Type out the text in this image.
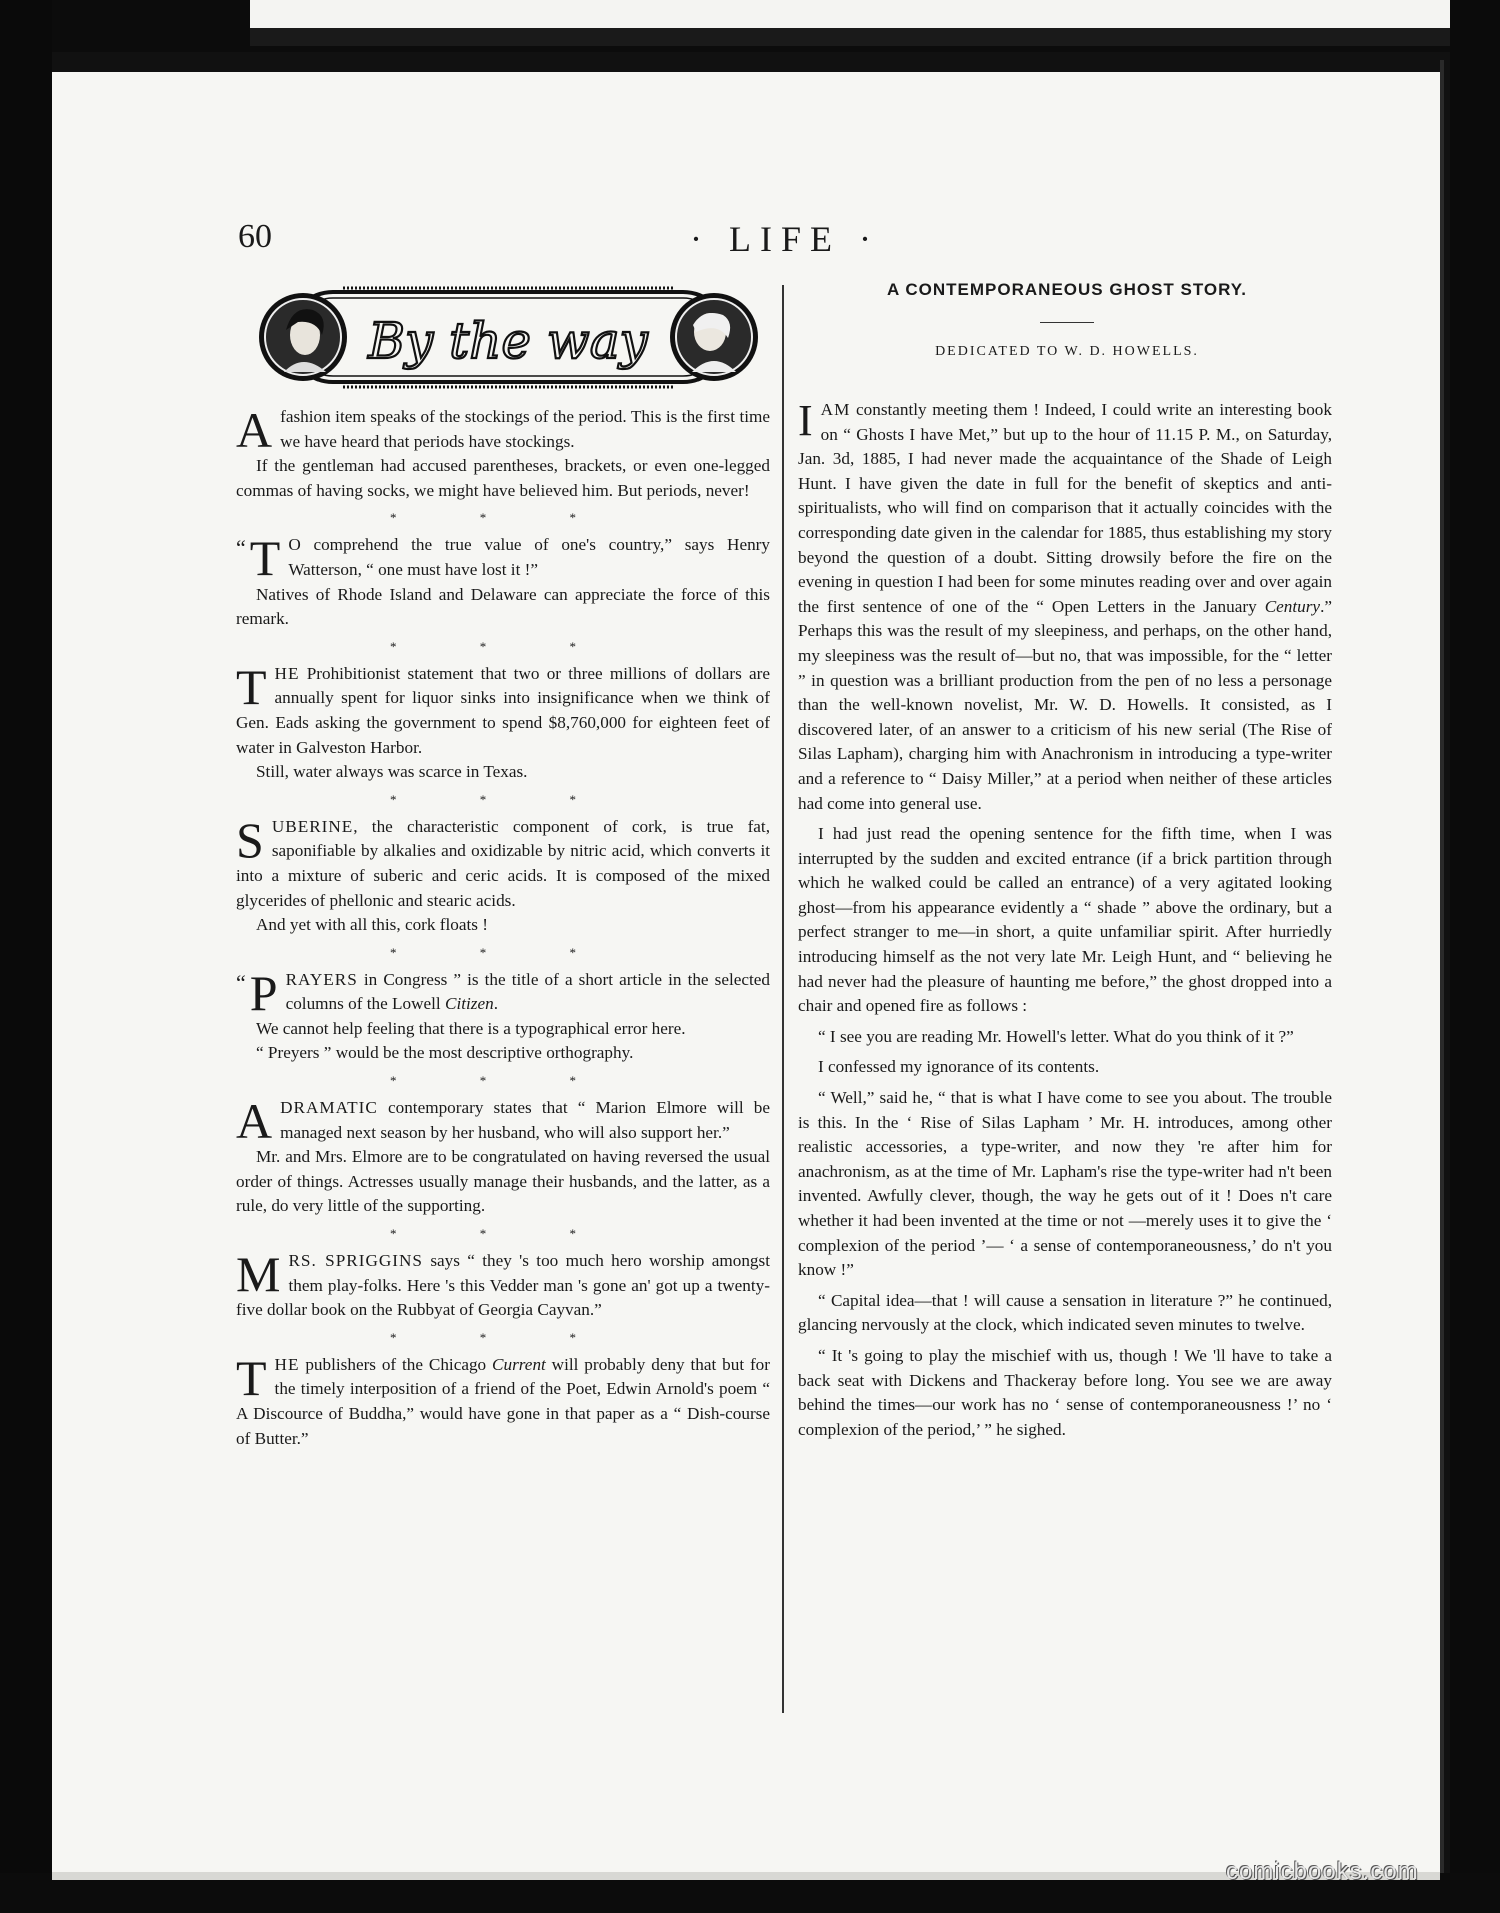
60	· LIFE ·
By the way

Afashion item speaks of the stockings of the period. This is the first time we have heard that periods have stockings.

If the gentleman had accused parentheses, brackets, or even one-legged commas of having socks, we might have believed him. But periods, never!

* * *

“ T O comprehend the true value of one's country,” says Henry Watterson, “ one must have lost it !”

Natives of Rhode Island and Delaware can appreciate the force of this remark.

* * *

THE Prohibitionist statement that two or three millions of dollars are annually spent for liquor sinks into insignificance when we think of Gen. Eads asking the government to spend $8,760,000 for eighteen feet of water in Galveston Harbor.

Still, water always was scarce in Texas.

* * *

SUBERINE, the characteristic component of cork, is true fat, saponifiable by alkalies and oxidizable by nitric acid, which converts it into a mixture of suberic and ceric acids. It is composed of the mixed glycerides of phellonic and stearic acids.

And yet with all this, cork floats !

* * *

“ P RAYERS in Congress ” is the title of a short article in the selected columns of the Lowell Citizen.

We cannot help feeling that there is a typographical error here.

“ Preyers ” would be the most descriptive orthography.

* * *

ADRAMATIC contemporary states that “ Marion Elmore will be managed next season by her husband, who will also support her.”

Mr. and Mrs. Elmore are to be congratulated on having reversed the usual order of things. Actresses usually manage their husbands, and the latter, as a rule, do very little of the supporting.

* * *

MRS. SPRIGGINS says “ they 's too much hero worship amongst them play-folks. Here 's this Vedder man 's gone an' got up a twenty-five dollar book on the Rubbyat of Georgia Cayvan.”

* * *

THE publishers of the Chicago Current will probably deny that but for the timely interposition of a friend of the Poet, Edwin Arnold's poem “ A Discource of Buddha,” would have gone in that paper as a “ Dish-course of Butter.”

A CONTEMPORANEOUS GHOST STORY.
DEDICATED TO W. D. HOWELLS.

IAM constantly meeting them ! Indeed, I could write an interesting book on “ Ghosts I have Met,” but up to the hour of 11.15 P. M., on Saturday, Jan. 3d, 1885, I had never made the acquaintance of the Shade of Leigh Hunt. I have given the date in full for the benefit of skeptics and anti-spiritualists, who will find on comparison that it actually coincides with the corresponding date given in the calendar for 1885, thus establishing my story beyond the question of a doubt. Sitting drowsily before the fire on the evening in question I had been for some minutes reading over and over again the first sentence of one of the “ Open Letters in the January Century.” Perhaps this was the result of my sleepiness, and perhaps, on the other hand, my sleepiness was the result of—but no, that was impossible, for the “ letter ” in question was a brilliant production from the pen of no less a personage than the well-known novelist, Mr. W. D. Howells. It consisted, as I discovered later, of an answer to a criticism of his new serial (The Rise of Silas Lapham), charging him with Anachronism in introducing a type-writer and a reference to “ Daisy Miller,” at a period when neither of these articles had come into general use.

I had just read the opening sentence for the fifth time, when I was interrupted by the sudden and excited entrance (if a brick partition through which he walked could be called an entrance) of a very agitated looking ghost—from his appearance evidently a “ shade ” above the ordinary, but a perfect stranger to me—in short, a quite unfamiliar spirit. After hurriedly introducing himself as the not very late Mr. Leigh Hunt, and “ believing he had never had the pleasure of haunting me before,” the ghost dropped into a chair and opened fire as follows :

“ I see you are reading Mr. Howell's letter. What do you think of it ?”

I confessed my ignorance of its contents.

“ Well,” said he, “ that is what I have come to see you about. The trouble is this. In the ‘ Rise of Silas Lapham ’ Mr. H. introduces, among other realistic accessories, a type-writer, and now they 're after him for anachronism, as at the time of Mr. Lapham's rise the type-writer had n't been invented. Awfully clever, though, the way he gets out of it ! Does n't care whether it had been invented at the time or not —merely uses it to give the ‘ complexion of the period ’— ‘ a sense of contemporaneousness,’ do n't you know !”

“ Capital idea—that ! will cause a sensation in literature ?” he continued, glancing nervously at the clock, which indicated seven minutes to twelve.

“ It 's going to play the mischief with us, though ! We 'll have to take a back seat with Dickens and Thackeray before long. You see we are away behind the times—our work has no ‘ sense of contemporaneousness !’ no ‘ complexion of the period,’ ” he sighed.

comicbooks.com
